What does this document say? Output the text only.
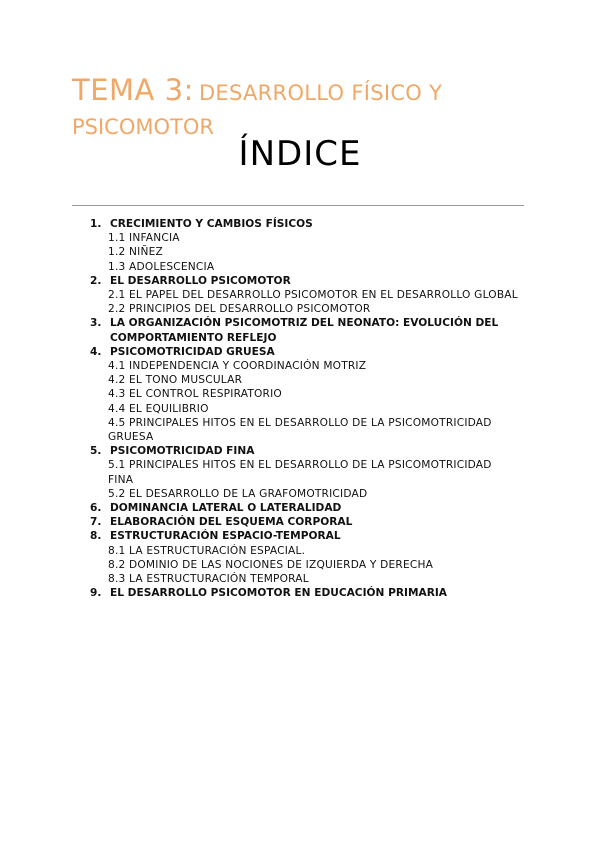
TEMA 3: DESARROLLO FÍSICO Y
PSICOMOTOR
ÍNDICE
1. CRECIMIENTO Y CAMBIOS FÍSICOS
1.1 INFANCIA
1.2 NIÑEZ
1.3 ADOLESCENCIA
2. EL DESARROLLO PSICOMOTOR
2.1 EL PAPEL DEL DESARROLLO PSICOMOTOR EN EL DESARROLLO GLOBAL
2.2 PRINCIPIOS DEL DESARROLLO PSICOMOTOR
3. LA ORGANIZACIÓN PSICOMOTRIZ DEL NEONATO: EVOLUCIÓN DEL COMPORTAMIENTO REFLEJO
4. PSICOMOTRICIDAD GRUESA
4.1 INDEPENDENCIA Y COORDINACIÓN MOTRIZ
4.2 EL TONO MUSCULAR
4.3 EL CONTROL RESPIRATORIO
4.4 EL EQUILIBRIO
4.5 PRINCIPALES HITOS EN EL DESARROLLO DE LA PSICOMOTRICIDAD GRUESA
5. PSICOMOTRICIDAD FINA
5.1 PRINCIPALES HITOS EN EL DESARROLLO DE LA PSICOMOTRICIDAD FINA
5.2 EL DESARROLLO DE LA GRAFOMOTRICIDAD
6. DOMINANCIA LATERAL O LATERALIDAD
7. ELABORACIÓN DEL ESQUEMA CORPORAL
8. ESTRUCTURACIÓN ESPACIO-TEMPORAL
8.1 LA ESTRUCTURACIÓN ESPACIAL.
8.2 DOMINIO DE LAS NOCIONES DE IZQUIERDA Y DERECHA
8.3 LA ESTRUCTURACIÓN TEMPORAL
9. EL DESARROLLO PSICOMOTOR EN EDUCACIÓN PRIMARIA
